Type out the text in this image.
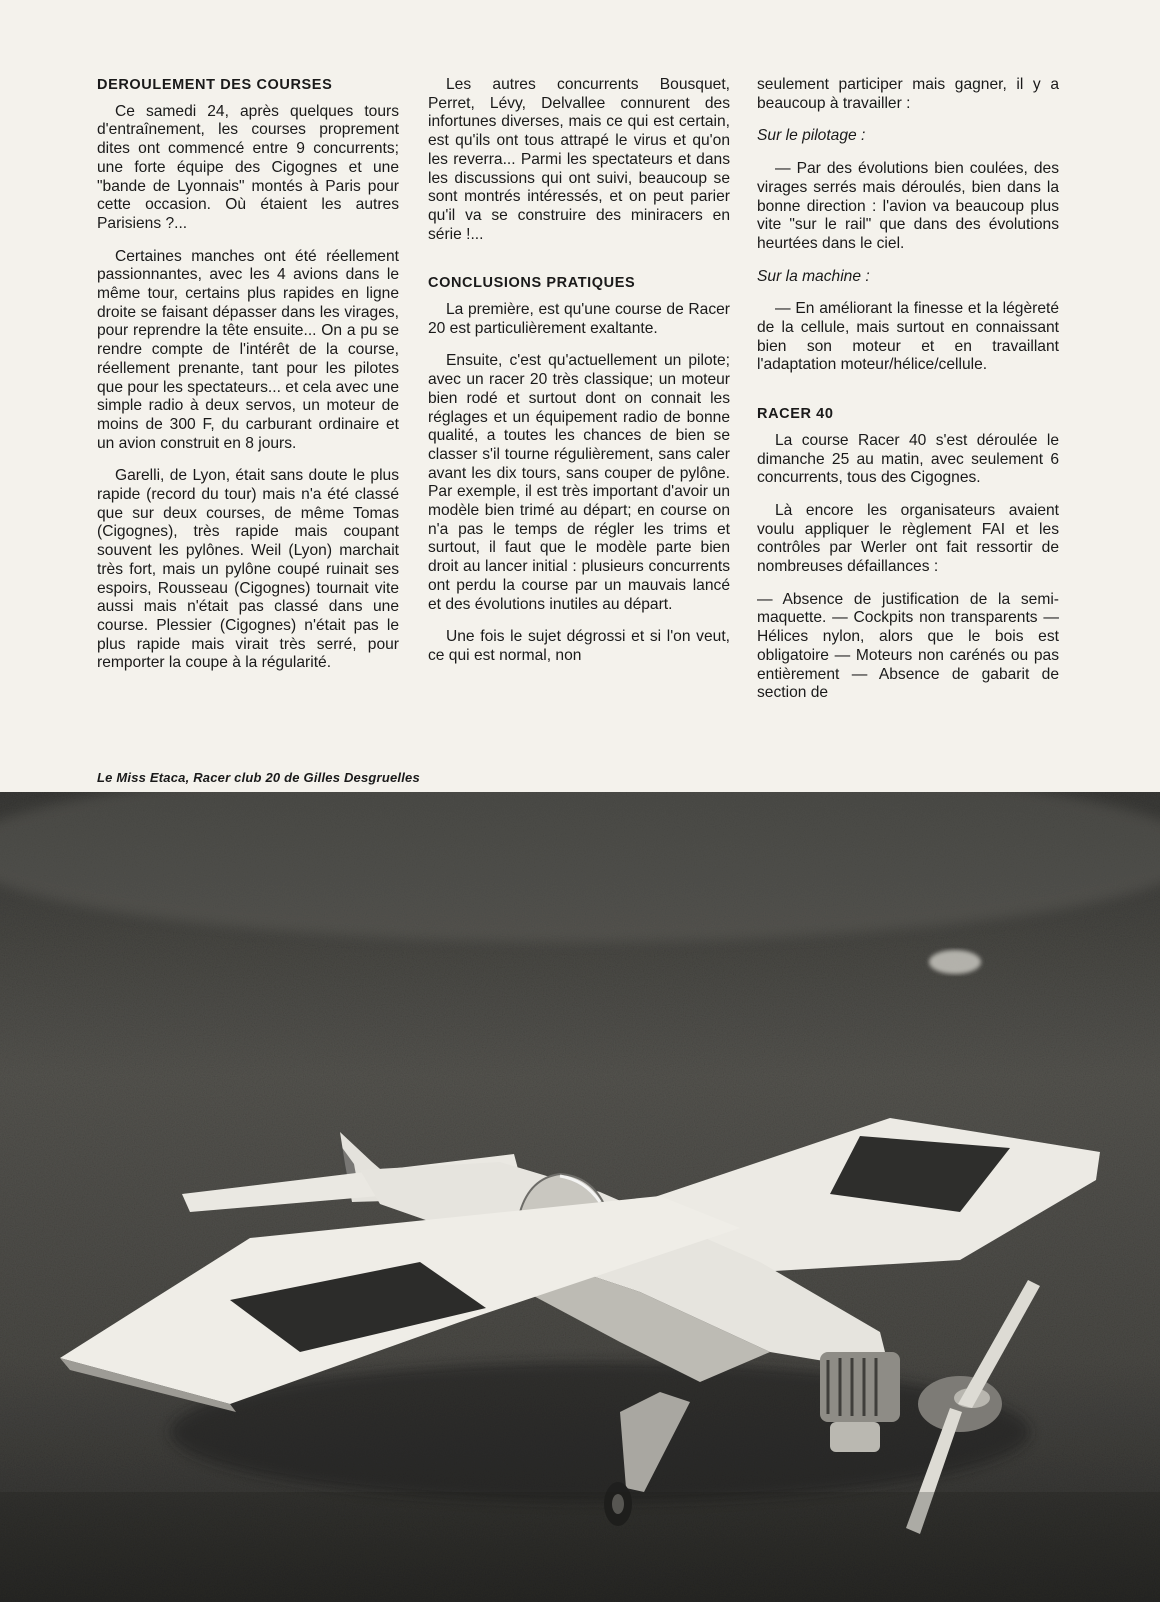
DEROULEMENT DES COURSES

Ce samedi 24, après quelques tours d'entraînement, les courses proprement dites ont commencé entre 9 concurrents; une forte équipe des Cigognes et une "bande de Lyonnais" montés à Paris pour cette occasion. Où étaient les autres Parisiens ?...

Certaines manches ont été réellement passionnantes, avec les 4 avions dans le même tour, certains plus rapides en ligne droite se faisant dépasser dans les virages, pour reprendre la tête ensuite... On a pu se rendre compte de l'intérêt de la course, réellement prenante, tant pour les pilotes que pour les spectateurs... et cela avec une simple radio à deux servos, un moteur de moins de 300 F, du carburant ordinaire et un avion construit en 8 jours.

Garelli, de Lyon, était sans doute le plus rapide (record du tour) mais n'a été classé que sur deux courses, de même Tomas (Cigognes), très rapide mais coupant souvent les pylônes. Weil (Lyon) marchait très fort, mais un pylône coupé ruinait ses espoirs, Rousseau (Cigognes) tournait vite aussi mais n'était pas classé dans une course. Plessier (Cigognes) n'était pas le plus rapide mais virait très serré, pour remporter la coupe à la régularité.

Les autres concurrents Bousquet, Perret, Lévy, Delvallee connurent des infortunes diverses, mais ce qui est certain, est qu'ils ont tous attrapé le virus et qu'on les reverra... Parmi les spectateurs et dans les discussions qui ont suivi, beaucoup se sont montrés intéressés, et on peut parier qu'il va se construire des miniracers en série !...

CONCLUSIONS PRATIQUES

La première, est qu'une course de Racer 20 est particulièrement exaltante.

Ensuite, c'est qu'actuellement un pilote; avec un racer 20 très classique; un moteur bien rodé et surtout dont on connait les réglages et un équipement radio de bonne qualité, a toutes les chances de bien se classer s'il tourne régulièrement, sans caler avant les dix tours, sans couper de pylône. Par exemple, il est très important d'avoir un modèle bien trimé au départ; en course on n'a pas le temps de régler les trims et surtout, il faut que le modèle parte bien droit au lancer initial : plusieurs concurrents ont perdu la course par un mauvais lancé et des évolutions inutiles au départ.

Une fois le sujet dégrossi et si l'on veut, ce qui est normal, non

seulement participer mais gagner, il y a beaucoup à travailler :

Sur le pilotage :

— Par des évolutions bien coulées, des virages serrés mais déroulés, bien dans la bonne direction : l'avion va beaucoup plus vite "sur le rail" que dans des évolutions heurtées dans le ciel.

Sur la machine :

— En améliorant la finesse et la légèreté de la cellule, mais surtout en connaissant bien son moteur et en travaillant l'adaptation moteur/hélice/cellule.

RACER 40

La course Racer 40 s'est déroulée le dimanche 25 au matin, avec seulement 6 concurrents, tous des Cigognes.

Là encore les organisateurs avaient voulu appliquer le règlement FAI et les contrôles par Werler ont fait ressortir de nombreuses défaillances :

— Absence de justification de la semi-maquette. — Cockpits non transparents — Hélices nylon, alors que le bois est obligatoire — Moteurs non carénés ou pas entièrement — Absence de gabarit de section de

Le Miss Etaca, Racer club 20 de Gilles Desgruelles
